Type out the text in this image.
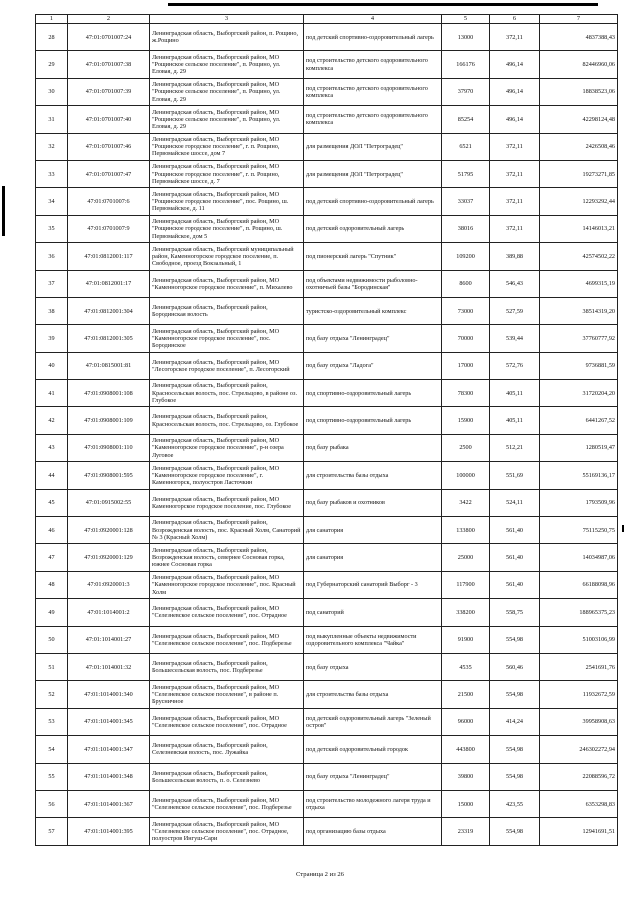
1	2	3	4	5	6	7
28	47:01:0701007:24	Ленинградская область, Выборгский район, п. Рощино, ж.Рощино	под детский спортивно-оздоровительный лагерь	13000	372,11	4837388,43
29	47:01:0701007:38	Ленинградская область, Выборгский район, МО "Рощинское сельское поселение", п. Рощино, ул. Еловая, д. 29	под строительство детского оздоровительного комплекса	166176	496,14	82446960,06
30	47:01:0701007:39	Ленинградская область, Выборгский район, МО "Рощинское сельское поселение", п. Рощино, ул. Еловая, д. 29	под строительство детского оздоровительного комплекса	37970	496,14	18838523,06
31	47:01:0701007:40	Ленинградская область, Выборгский район, МО "Рощинское сельское поселение", п. Рощино, ул. Еловая, д. 29	под строительство детского оздоровительного комплекса	85254	496,14	42298124,48
32	47:01:0701007:46	Ленинградская область, Выборгский район, МО "Рощинское городское поселение", г. п. Рощино, Первомайское шоссе, дом 7	для размещения ДОЛ "Петроградец"	6521	372,11	2426508,46
33	47:01:0701007:47	Ленинградская область, Выборгский район, МО "Рощинское городское поселение", г. п. Рощино, Первомайское шоссе, д. 7	для размещения ДОЛ "Петроградец"	51795	372,11	19273271,85
34	47:01:0701007:6	Ленинградская область, Выборгский район, МО "Рощинское городское поселение", пос. Рощино, ш. Первомайское, д. 11	под детский спортивно-оздоровительный лагерь	33037	372,11	12293292,44
35	47:01:0701007:9	Ленинградская область, Выборгский район, МО "Рощинское городское поселение", п. Рощино, ш. Первомайское, дом 5	под детский оздоровительный лагерь	38016	372,11	14146013,21
36	47:01:0812001:117	Ленинградская область, Выборгский муниципальный район, Каменногорское городское поселение, п. Свободное, проезд Вокзальный, 1	под пионерский лагерь "Спутник"	109200	389,88	42574502,22
37	47:01:0812001:17	Ленинградская область, Выборгский район, МО "Каменногорское городское поселение", п. Михалево	под объектами недвижимости рыболовно-охотничьей базы "Бородинская"	8600	546,43	4699315,19
38	47:01:0812001:304	Ленинградская область, Выборгский район, Бородинская волость	туристско-оздоровительный комплекс	73000	527,59	38514319,20
39	47:01:0812001:305	Ленинградская область, Выборгский район, МО "Каменногорское городское поселение", пос. Бородинское	под базу отдыха "Ленинградец"	70000	539,44	37760777,92
40	47:01:0815001:81	Ленинградская область, Выборгский район, МО "Лесогорское городское поселение", п. Лесогорский	под базу отдыха "Ладога"	17000	572,76	9736881,59
41	47:01:0908001:108	Ленинградская область, Выборгский район, Красносельская волость, пос. Стрельцово, в районе оз. Глубокое	под спортивно-оздоровительный лагерь	78300	405,11	31720204,20
42	47:01:0908001:109	Ленинградская область, Выборгский район, Красносельская волость, пос. Стрельцово, оз. Глубокое	под спортивно-оздоровительный лагерь	15900	405,11	6441267,52
43	47:01:0908001:110	Ленинградская область, Выборгский район, МО "Каменногорское городское поселение", р-н озера Луговое	под базу рыбака	2500	512,21	1280519,47
44	47:01:0908001:595	Ленинградская область, Выборгский район, МО "Каменногорское городское поселение", г. Каменногорск, полуостров Ласточкин	для строительства базы отдыха	100000	551,69	55169136,17
45	47:01:0915002:55	Ленинградская область, Выборгский район, МО Каменногорское городское поселение, пос. Глубокое	под базу рыбаков и охотников	3422	524,11	1793509,96
46	47:01:0920001:128	Ленинградская область, Выборгский район, Возрожденская волость, пос. Красный Холм, Санаторий № 3 (Красный Холм)	для санатория	133800	561,40	75115250,75
47	47:01:0920001:129	Ленинградская область, Выборгский район, Возрожденская волость, севернее Сосновая горка, южнее Сосновая горка	для санатория	25000	561,40	14034987,06
48	47:01:0920001:3	Ленинградская область, Выборгский район, МО "Каменногорское городское поселение", пос. Красный Холм	под Губернаторский санаторий Выборг - 3	117900	561,40	66188098,96
49	47:01:1014001:2	Ленинградская область, Выборгский район, МО "Селезневское сельское поселение", пос. Отрадное	под санаторий	338200	558,75	188965375,23
50	47:01:1014001:27	Ленинградская область, Выборгский район, МО "Селезневское сельское поселение", пос. Подберезье	под выкупленные объекты недвижимости оздоровительного комплекса "Чайка"	91900	554,98	51003106,99
51	47:01:1014001:32	Ленинградская область, Выборгский район, Большесельская волость, пос. Подберезье	под базу отдыха	4535	560,46	2541691,76
52	47:01:1014001:340	Ленинградская область, Выборгский район, МО "Селезневское сельское поселение", в районе п. Брусничное	для строительства базы отдыха	21500	554,98	11932672,59
53	47:01:1014001:345	Ленинградская область, Выборгский район, МО "Селезневское сельское поселение", пос. Отрадное	под детский оздоровительный лагерь "Зеленый остров"	96000	414,24	39958908,63
54	47:01:1014001:347	Ленинградская область, Выборгский район, Селезневская волость, пос. Лужайка	под детский оздоровительный городок	443800	554,98	246302272,94
55	47:01:1014001:348	Ленинградская область, Выборгский район, Большесельская волость, п. о. Селезнево	под базу отдыха "Ленинградец"	39800	554,98	22088596,72
56	47:01:1014001:367	Ленинградская область, Выборгский район, МО "Селезневское сельское поселение", пос. Подберезье	под строительство молодежного лагеря труда и отдыха	15000	423,55	6353298,83
57	47:01:1014001:395	Ленинградская область, Выборгский район, МО "Селезневское сельское поселение", пос. Отрадное, полуостров Ингуш-Сари	под организацию базы отдыха	23319	554,98	12941691,51
Страница 2 из 26
